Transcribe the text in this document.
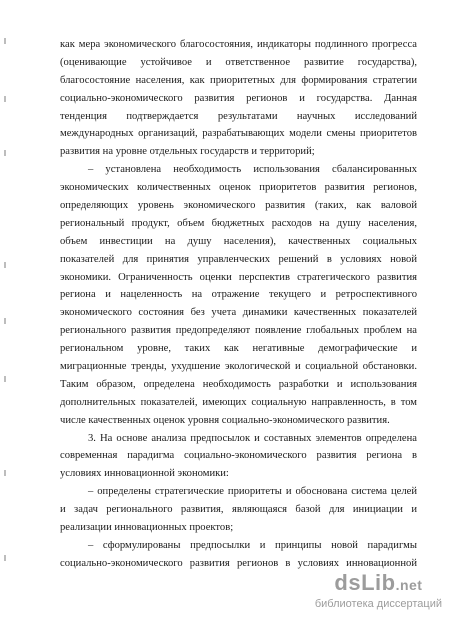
как мера экономического благосостояния, индикаторы подлинного прогресса
(оценивающие устойчивое и ответственное развитие государства),
благосостояние населения, как приоритетных для формирования стратегии
социально-экономического развития регионов и государства. Данная
тенденция подтверждается результатами научных исследований
международных организаций, разрабатывающих модели смены приоритетов
развития на уровне отдельных государств и территорий;
– установлена необходимость использования сбалансированных
экономических количественных оценок приоритетов развития регионов,
определяющих уровень экономического развития (таких, как валовой
региональный продукт, объем бюджетных расходов на душу населения,
объем инвестиции на душу населения), качественных социальных
показателей для принятия управленческих решений в условиях новой
экономики. Ограниченность оценки перспектив стратегического развития
региона и нацеленность на отражение текущего и ретроспективного
экономического состояния без учета динамики качественных показателей
регионального развития предопределяют появление глобальных проблем на
региональном уровне, таких как негативные демографические и
миграционные тренды, ухудшение экологической и социальной обстановки.
Таким образом, определена необходимость разработки и использования
дополнительных показателей, имеющих социальную направленность, в том
числе качественных оценок уровня социально-экономического развития.
3. На основе анализа предпосылок и составных элементов определена
современная парадигма социально-экономического развития региона в
условиях инновационной экономики:
– определены стратегические приоритеты и обоснована система целей
и задач регионального развития, являющаяся базой для инициации и
реализации инновационных проектов;
– сформулированы предпосылки и принципы новой парадигмы
социально-экономического развития регионов в условиях инновационной
dsLib.net
библиотека диссертаций
